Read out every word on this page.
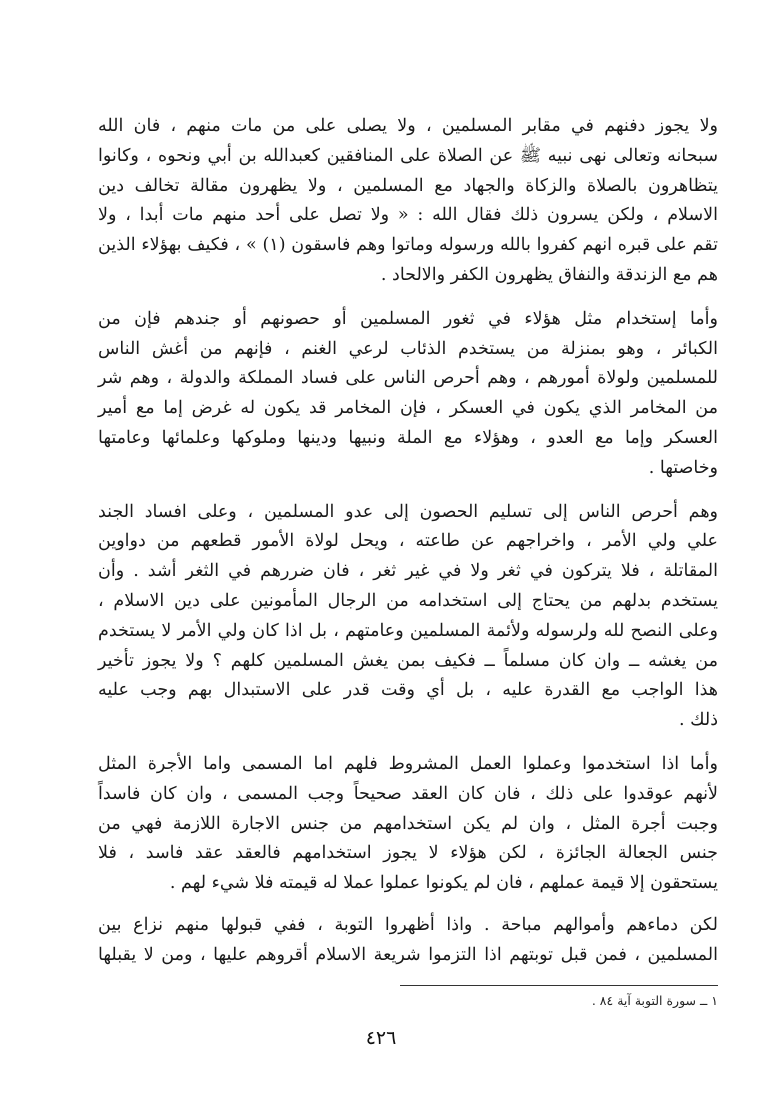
ولا يجوز دفنهم في مقابر المسلمين ، ولا يصلى على من مات منهم ، فان الله
سبحانه وتعالى نهى نبيه ﷺ عن الصلاة على المنافقين كعبدالله بن أبي ونحوه ، وكانوا
يتظاهرون بالصلاة والزكاة والجهاد مع المسلمين ، ولا يظهرون مقالة تخالف دين
الاسلام ، ولكن يسرون ذلك فقال الله : « ولا تصل على أحد منهم مات أبدا ، ولا
تقم على قبره انهم كفروا بالله ورسوله وماتوا وهم فاسقون (١) » ، فكيف بهؤلاء الذين
هم مع الزندقة والنفاق يظهرون الكفر والالحاد .

وأما إستخدام مثل هؤلاء في ثغور المسلمين أو حصونهم أو جندهم فإن من
الكبائر ، وهو بمنزلة من يستخدم الذئاب لرعي الغنم ، فإنهم من أغش الناس
للمسلمين ولولاة أمورهم ، وهم أحرص الناس على فساد المملكة والدولة ، وهم شر
من المخامر الذي يكون في العسكر ، فإن المخامر قد يكون له غرض إما مع أمير
العسكر وإما مع العدو ، وهؤلاء مع الملة ونبيها ودينها وملوكها وعلمائها وعامتها
وخاصتها .

وهم أحرص الناس إلى تسليم الحصون إلى عدو المسلمين ، وعلى افساد الجند
علي ولي الأمر ، واخراجهم عن طاعته ، ويحل لولاة الأمور قطعهم من دواوين
المقاتلة ، فلا يتركون في ثغر ولا في غير ثغر ، فان ضررهم في الثغر أشد . وأن
يستخدم بدلهم من يحتاج إلى استخدامه من الرجال المأمونين على دين الاسلام ،
وعلى النصح لله ولرسوله ولأئمة المسلمين وعامتهم ، بل اذا كان ولي الأمر لا يستخدم
من يغشه ــ وان كان مسلماً ــ فكيف بمن يغش المسلمين كلهم ؟ ولا يجوز تأخير
هذا الواجب مع القدرة عليه ، بل أي وقت قدر على الاستبدال بهم وجب عليه
ذلك .

وأما اذا استخدموا وعملوا العمل المشروط فلهم اما المسمى واما الأجرة المثل
لأنهم عوقدوا على ذلك ، فان كان العقد صحيحاً وجب المسمى ، وان كان فاسداً
وجبت أجرة المثل ، وان لم يكن استخدامهم من جنس الاجارة اللازمة فهي من
جنس الجعالة الجائزة ، لكن هؤلاء لا يجوز استخدامهم فالعقد عقد فاسد ، فلا
يستحقون إلا قيمة عملهم ، فان لم يكونوا عملوا عملا له قيمته فلا شيء لهم .

لكن دماءهم وأموالهم مباحة . واذا أظهروا التوبة ، ففي قبولها منهم نزاع بين
المسلمين ، فمن قبل توبتهم اذا التزموا شريعة الاسلام أقروهم عليها ، ومن لا يقبلها

١ ــ سورة التوبة آية ٨٤ .
٤٢٦
